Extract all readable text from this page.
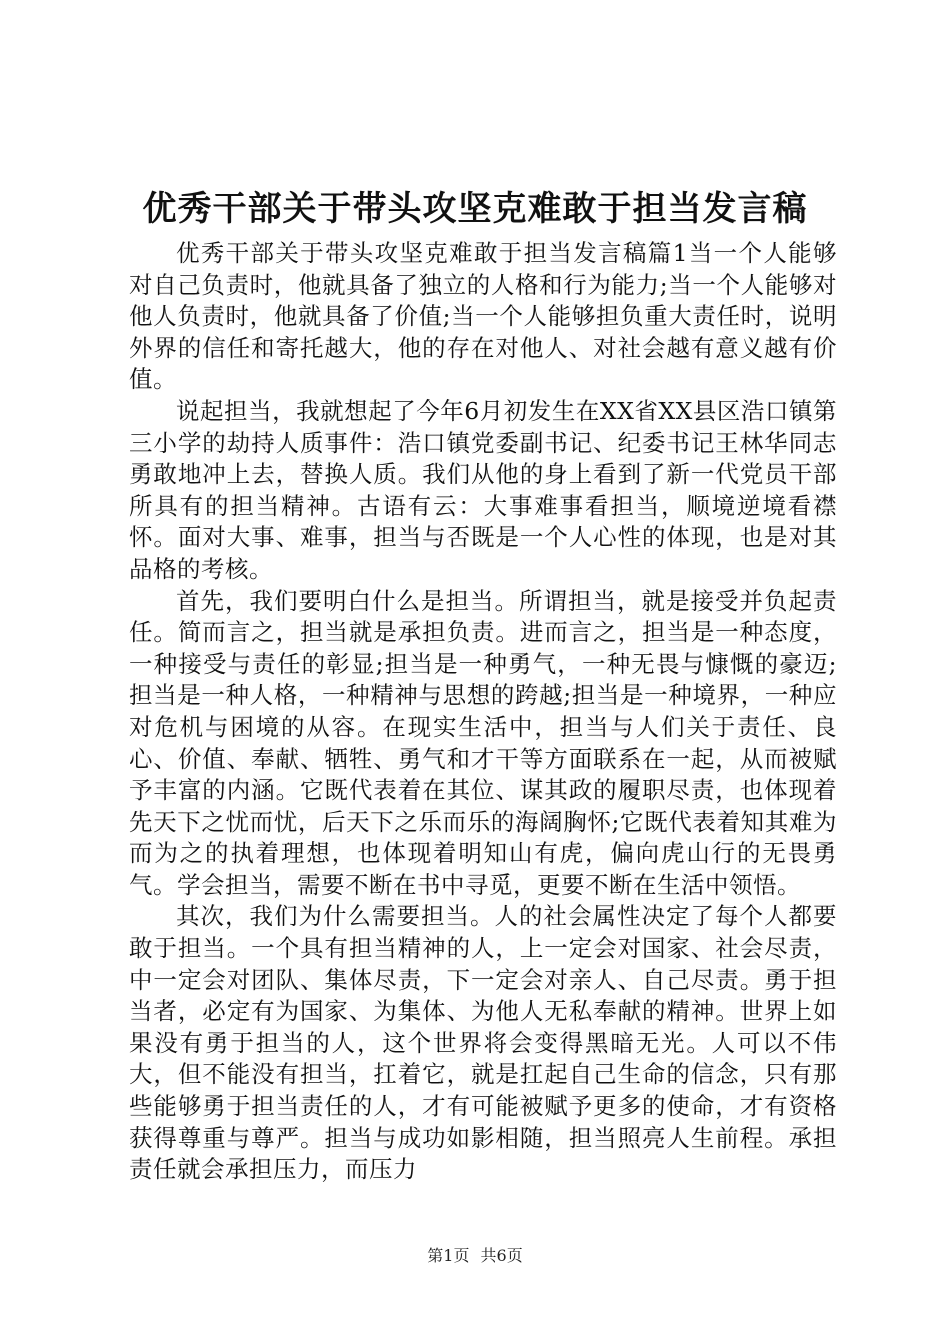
优秀干部关于带头攻坚克难敢于担当发言稿

优秀干部关于带头攻坚克难敢于担当发言稿篇1当一个人能够对自己负责时，他就具备了独立的人格和行为能力;当一个人能够对他人负责时，他就具备了价值;当一个人能够担负重大责任时，说明外界的信任和寄托越大，他的存在对他人、对社会越有意义越有价值。

说起担当，我就想起了今年6月初发生在XX省XX县区浩口镇第三小学的劫持人质事件：浩口镇党委副书记、纪委书记王林华同志勇敢地冲上去，替换人质。我们从他的身上看到了新一代党员干部所具有的担当精神。古语有云：大事难事看担当，顺境逆境看襟怀。面对大事、难事，担当与否既是一个人心性的体现，也是对其品格的考核。

首先，我们要明白什么是担当。所谓担当，就是接受并负起责任。简而言之，担当就是承担负责。进而言之，担当是一种态度，一种接受与责任的彰显;担当是一种勇气，一种无畏与慷慨的豪迈;担当是一种人格，一种精神与思想的跨越;担当是一种境界，一种应对危机与困境的从容。在现实生活中，担当与人们关于责任、良心、价值、奉献、牺牲、勇气和才干等方面联系在一起，从而被赋予丰富的内涵。它既代表着在其位、谋其政的履职尽责，也体现着先天下之忧而忧，后天下之乐而乐的海阔胸怀;它既代表着知其难为而为之的执着理想，也体现着明知山有虎，偏向虎山行的无畏勇气。学会担当，需要不断在书中寻觅，更要不断在生活中领悟。

其次，我们为什么需要担当。人的社会属性决定了每个人都要敢于担当。一个具有担当精神的人，上一定会对国家、社会尽责，中一定会对团队、集体尽责，下一定会对亲人、自己尽责。勇于担当者，必定有为国家、为集体、为他人无私奉献的精神。世界上如果没有勇于担当的人，这个世界将会变得黑暗无光。人可以不伟大，但不能没有担当，扛着它，就是扛起自己生命的信念，只有那些能够勇于担当责任的人，才有可能被赋予更多的使命，才有资格获得尊重与尊严。担当与成功如影相随，担当照亮人生前程。承担责任就会承担压力，而压力

第1页 共6页
